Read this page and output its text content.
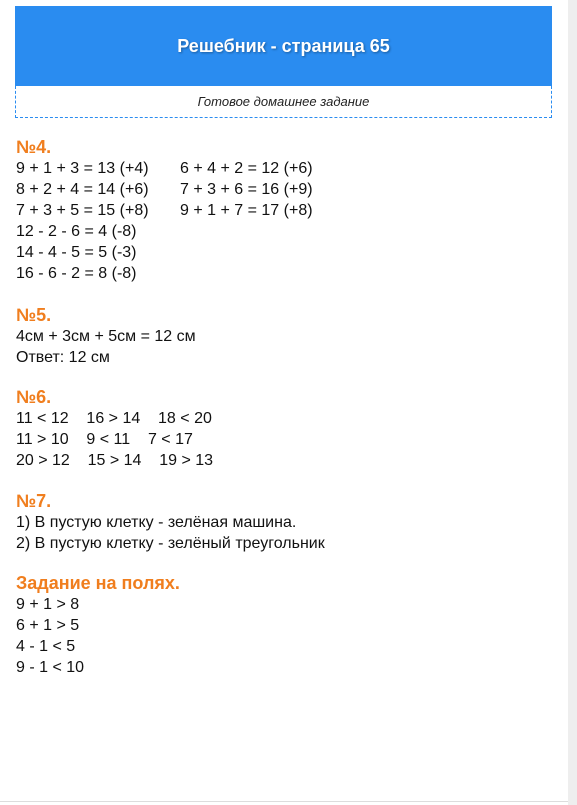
Решебник - страница 65
Готовое домашнее задание
№4.
9 + 1 + 3 = 13 (+4)	6 + 4 + 2 = 12 (+6)
8 + 2 + 4 = 14 (+6)	7 + 3 + 6 = 16 (+9)
7 + 3 + 5 = 15 (+8)	9 + 1 + 7 = 17 (+8)
12 - 2 - 6 = 4 (-8)
14 - 4 - 5 = 5 (-3)
16 - 6 - 2 = 8 (-8)
№5.
4см + 3см + 5см = 12 см
Ответ: 12 см
№6.
11 < 12    16 > 14    18 < 20
11 > 10    9 < 11    7 < 17
20 > 12    15 > 14    19 > 13
№7.
1) В пустую клетку - зелёная машина.
2) В пустую клетку - зелёный треугольник
Задание на полях.
9 + 1 > 8
6 + 1 > 5
4 - 1 < 5
9 - 1 < 10
